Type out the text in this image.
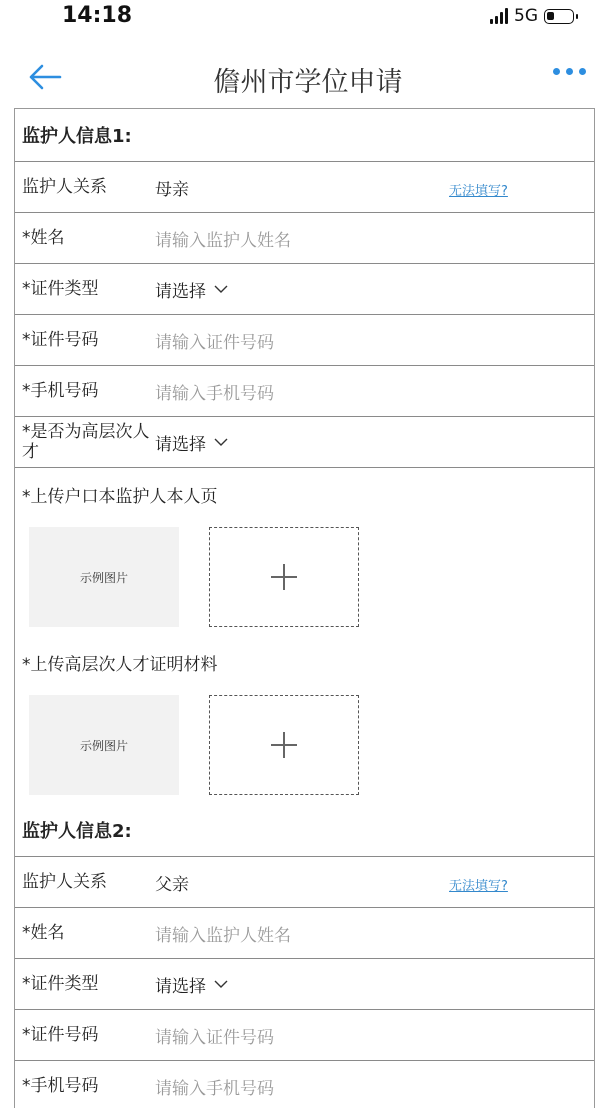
14:18	5G
儋州市学位申请
监护人信息1:
监护人关系	母亲	无法填写?
*姓名	请输入监护人姓名
*证件类型	请选择
*证件号码	请输入证件号码
*手机号码	请输入手机号码
*是否为高层次人才	请选择
*上传户口本监护人本人页
示例图片
*上传高层次人才证明材料
示例图片
监护人信息2:
监护人关系	父亲	无法填写?
*姓名	请输入监护人姓名
*证件类型	请选择
*证件号码	请输入证件号码
*手机号码	请输入手机号码
